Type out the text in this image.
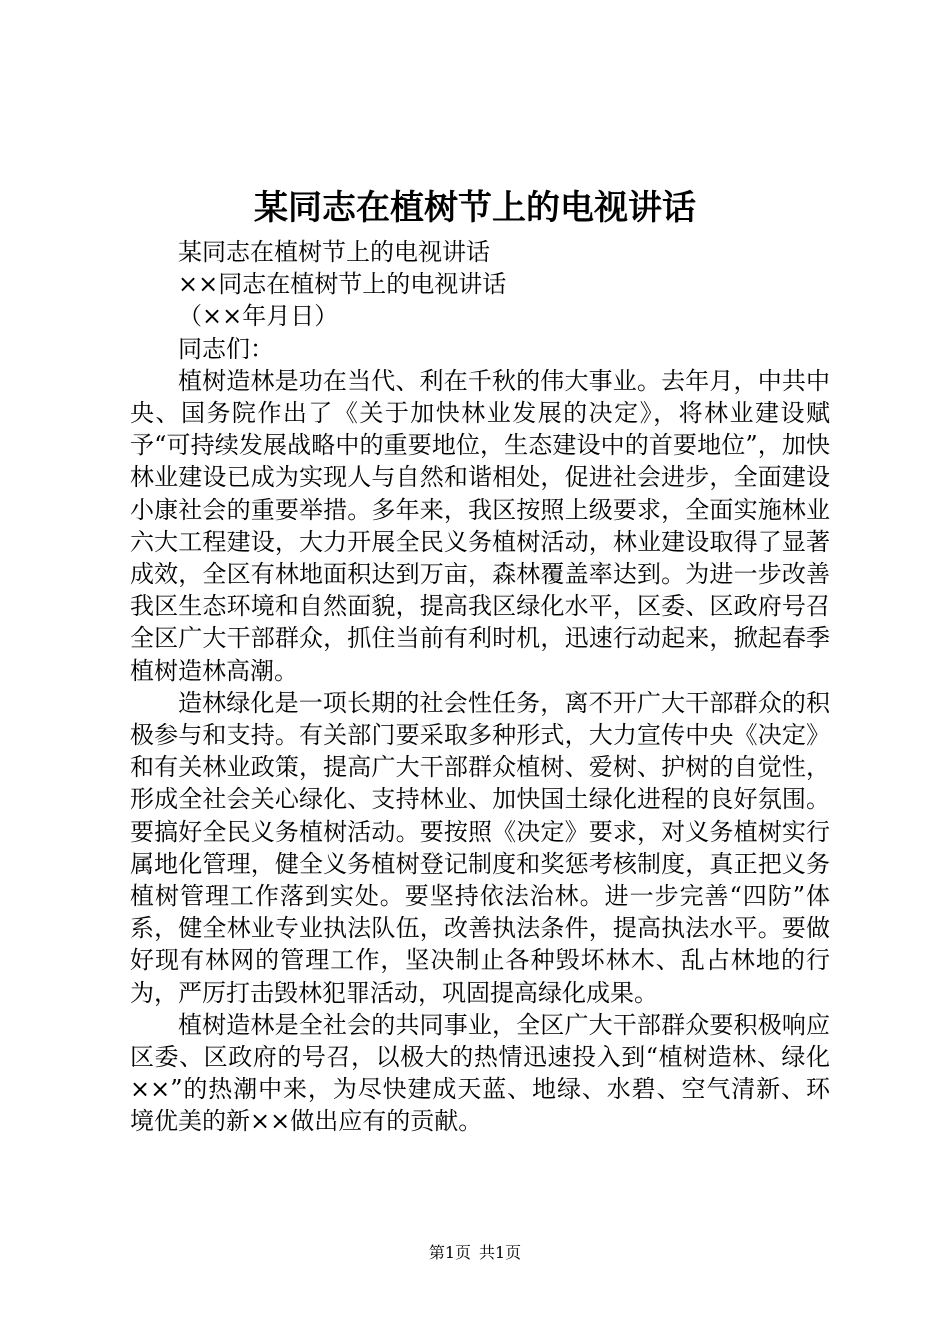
某同志在植树节上的电视讲话

某同志在植树节上的电视讲话

××同志在植树节上的电视讲话

（××年月日）

同志们：

植树造林是功在当代、利在千秋的伟大事业。去年月，中共中央、国务院作出了《关于加快林业发展的决定》，将林业建设赋予“可持续发展战略中的重要地位，生态建设中的首要地位”，加快林业建设已成为实现人与自然和谐相处，促进社会进步，全面建设小康社会的重要举措。多年来，我区按照上级要求，全面实施林业六大工程建设，大力开展全民义务植树活动，林业建设取得了显著成效，全区有林地面积达到万亩，森林覆盖率达到。为进一步改善我区生态环境和自然面貌，提高我区绿化水平，区委、区政府号召全区广大干部群众，抓住当前有利时机，迅速行动起来，掀起春季植树造林高潮。

造林绿化是一项长期的社会性任务，离不开广大干部群众的积极参与和支持。有关部门要采取多种形式，大力宣传中央《决定》和有关林业政策，提高广大干部群众植树、爱树、护树的自觉性，形成全社会关心绿化、支持林业、加快国土绿化进程的良好氛围。要搞好全民义务植树活动。要按照《决定》要求，对义务植树实行属地化管理，健全义务植树登记制度和奖惩考核制度，真正把义务植树管理工作落到实处。要坚持依法治林。进一步完善“四防”体系，健全林业专业执法队伍，改善执法条件，提高执法水平。要做好现有林网的管理工作，坚决制止各种毁坏林木、乱占林地的行为，严厉打击毁林犯罪活动，巩固提高绿化成果。

植树造林是全社会的共同事业，全区广大干部群众要积极响应区委、区政府的号召，以极大的热情迅速投入到“植树造林、绿化××”的热潮中来，为尽快建成天蓝、地绿、水碧、空气清新、环境优美的新××做出应有的贡献。

第1页 共1页
